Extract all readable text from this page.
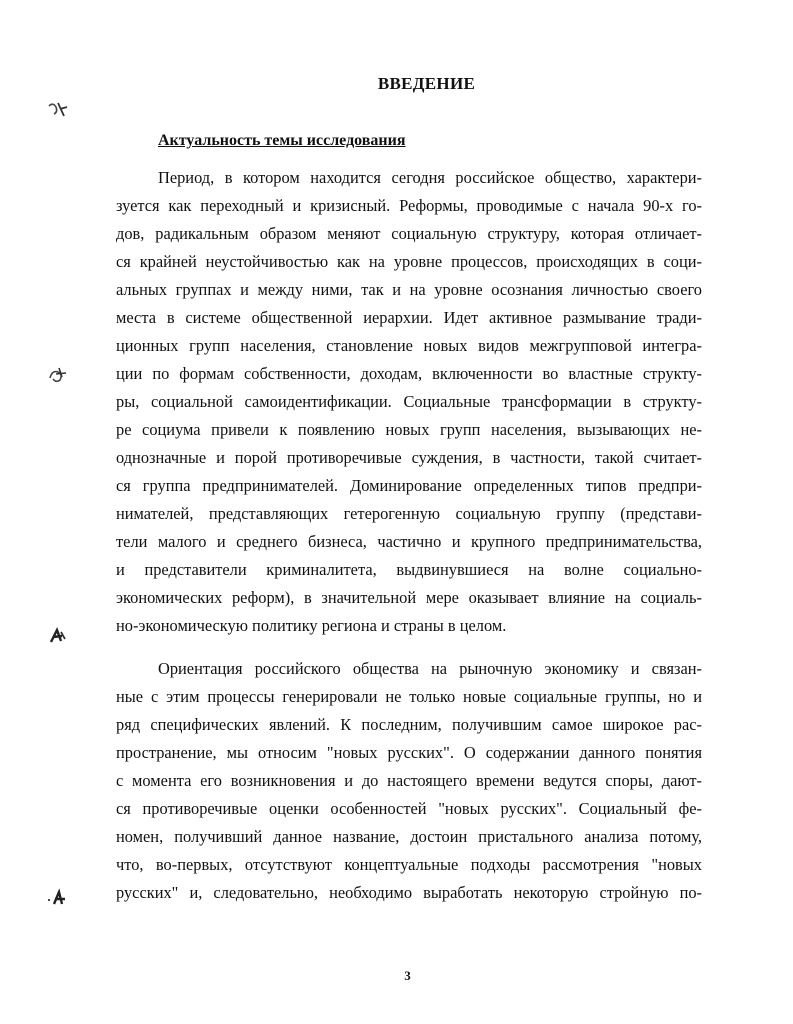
ВВЕДЕНИЕ
Актуальность темы исследования
Период, в котором находится сегодня российское общество, характери-
зуется как переходный и кризисный. Реформы, проводимые с начала 90-х го-
дов, радикальным образом меняют социальную структуру, которая отличает-
ся крайней неустойчивостью как на уровне процессов, происходящих в соци-
альных группах и между ними, так и на уровне осознания личностью своего
места в системе общественной иерархии. Идет активное размывание тради-
ционных групп населения, становление новых видов межгрупповой интегра-
ции по формам собственности, доходам, включенности во властные структу-
ры, социальной самоидентификации. Социальные трансформации в структу-
ре социума привели к появлению новых групп населения, вызывающих не-
однозначные и порой противоречивые суждения, в частности, такой считает-
ся группа предпринимателей. Доминирование определенных типов предпри-
нимателей, представляющих гетерогенную социальную группу (представи-
тели малого и среднего бизнеса, частично и крупного предпринимательства,
и представители криминалитета, выдвинувшиеся на волне социально-
экономических реформ), в значительной мере оказывает влияние на социаль-
но-экономическую политику региона и страны в целом.
Ориентация российского общества на рыночную экономику и связан-
ные с этим процессы генерировали не только новые социальные группы, но и
ряд специфических явлений. К последним, получившим самое широкое рас-
пространение, мы относим "новых русских". О содержании данного понятия
с момента его возникновения и до настоящего времени ведутся споры, дают-
ся противоречивые оценки особенностей "новых русских". Социальный фе-
номен, получивший данное название, достоин пристального анализа потому,
что, во-первых, отсутствуют концептуальные подходы рассмотрения "новых
русских" и, следовательно, необходимо выработать некоторую стройную по-
3
